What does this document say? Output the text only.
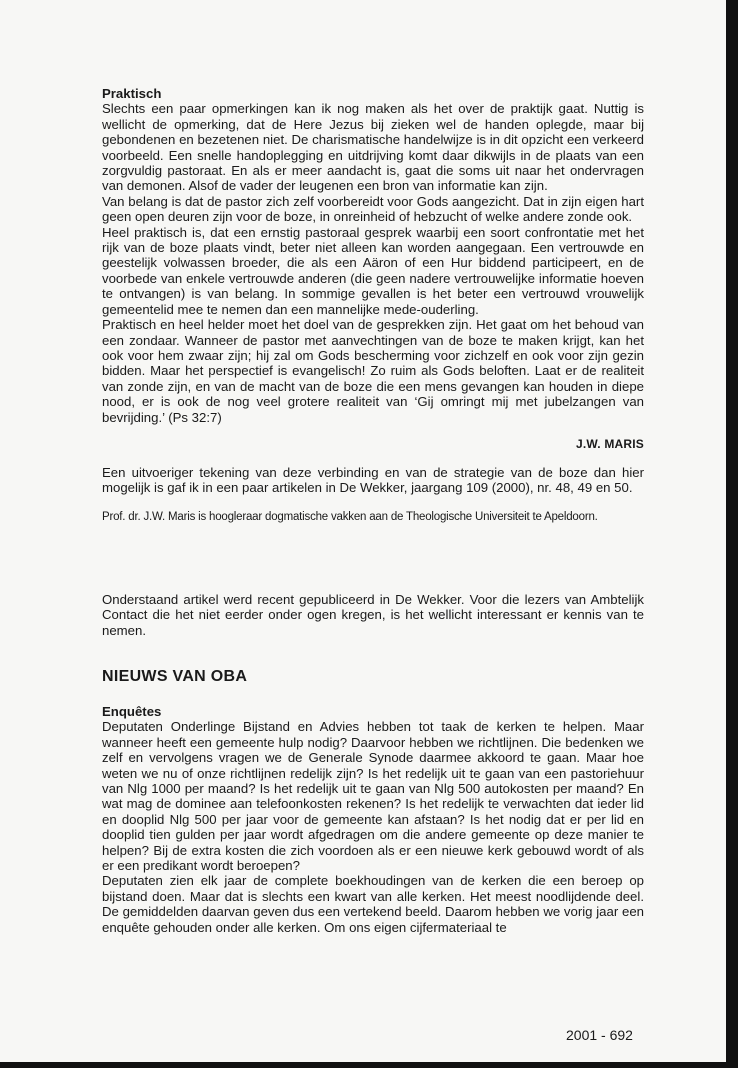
Praktisch

Slechts een paar opmerkingen kan ik nog maken als het over de praktijk gaat. Nuttig is wellicht de opmerking, dat de Here Jezus bij zieken wel de handen oplegde, maar bij gebondenen en bezetenen niet. De charismatische handelwijze is in dit opzicht een verkeerd voorbeeld. Een snelle handoplegging en uitdrijving komt daar dikwijls in de plaats van een zorgvuldig pastoraat. En als er meer aandacht is, gaat die soms uit naar het ondervragen van demonen. Alsof de vader der leugenen een bron van informatie kan zijn.

Van belang is dat de pastor zich zelf voorbereidt voor Gods aangezicht. Dat in zijn eigen hart geen open deuren zijn voor de boze, in onreinheid of hebzucht of welke andere zonde ook.

Heel praktisch is, dat een ernstig pastoraal gesprek waarbij een soort confrontatie met het rijk van de boze plaats vindt, beter niet alleen kan worden aangegaan. Een vertrouwde en geestelijk volwassen broeder, die als een Aäron of een Hur biddend participeert, en de voorbede van enkele vertrouwde anderen (die geen nadere vertrouwelijke informatie hoeven te ontvangen) is van belang. In sommige gevallen is het beter een vertrouwd vrouwelijk gemeentelid mee te nemen dan een mannelijke mede-ouderling.

Praktisch en heel helder moet het doel van de gesprekken zijn. Het gaat om het behoud van een zondaar. Wanneer de pastor met aanvechtingen van de boze te maken krijgt, kan het ook voor hem zwaar zijn; hij zal om Gods bescherming voor zichzelf en ook voor zijn gezin bidden. Maar het perspectief is evangelisch! Zo ruim als Gods beloften. Laat er de realiteit van zonde zijn, en van de macht van de boze die een mens gevangen kan houden in diepe nood, er is ook de nog veel grotere realiteit van ‘Gij omringt mij met jubelzangen van bevrijding.’ (Ps 32:7)

J.W. MARIS

Een uitvoeriger tekening van deze verbinding en van de strategie van de boze dan hier mogelijk is gaf ik in een paar artikelen in De Wekker, jaargang 109 (2000), nr. 48, 49 en 50.

Prof. dr. J.W. Maris is hoogleraar dogmatische vakken aan de Theologische Universiteit te Apeldoorn.

Onderstaand artikel werd recent gepubliceerd in De Wekker. Voor die lezers van Ambtelijk Contact die het niet eerder onder ogen kregen, is het wellicht interessant er kennis van te nemen.

NIEUWS VAN OBA

Enquêtes

Deputaten Onderlinge Bijstand en Advies hebben tot taak de kerken te helpen. Maar wanneer heeft een gemeente hulp nodig? Daarvoor hebben we richtlijnen. Die bedenken we zelf en vervolgens vragen we de Generale Synode daarmee akkoord te gaan. Maar hoe weten we nu of onze richtlijnen redelijk zijn? Is het redelijk uit te gaan van een pastoriehuur van Nlg 1000 per maand? Is het redelijk uit te gaan van Nlg 500 autokosten per maand? En wat mag de dominee aan telefoonkosten rekenen? Is het redelijk te verwachten dat ieder lid en dooplid Nlg 500 per jaar voor de gemeente kan afstaan? Is het nodig dat er per lid en dooplid tien gulden per jaar wordt afgedragen om die andere gemeente op deze manier te helpen? Bij de extra kosten die zich voordoen als er een nieuwe kerk gebouwd wordt of als er een predikant wordt beroepen?

Deputaten zien elk jaar de complete boekhoudingen van de kerken die een beroep op bijstand doen. Maar dat is slechts een kwart van alle kerken. Het meest noodlijdende deel. De gemiddelden daarvan geven dus een vertekend beeld. Daarom hebben we vorig jaar een enquête gehouden onder alle kerken. Om ons eigen cijfermateriaal te

2001 - 692
